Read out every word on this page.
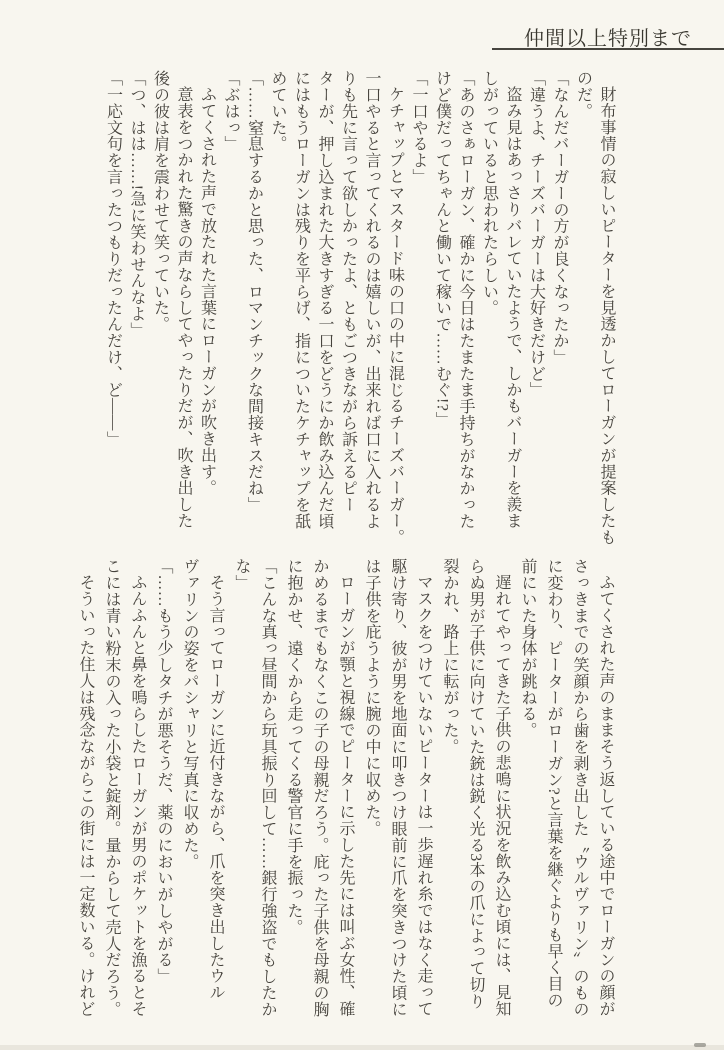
仲間以上特別まで
財布事情の寂しいピーターを見透かしてローガンが提案したも
のだ。
「なんだバーガーの方が良くなったか」
「違うよ、チーズバーガーは大好きだけど」
盗み見はあっさりバレていたようで、しかもバーガーを羨ま
しがっていると思われたらしい。
「あのさぁローガン、確かに今日はたまたま手持ちがなかった
けど僕だってちゃんと働いて稼いで……むぐ!?」
「一口やるよ」
ケチャップとマスタード味の口の中に混じるチーズバーガー。
一口やると言ってくれるのは嬉しいが、出来れば口に入れるよ
りも先に言って欲しかったよ、ともごつきながら訴えるピー
ターが、押し込まれた大きすぎる一口をどうにか飲み込んだ頃
にはもうローガンは残りを平らげ、指についたケチャップを舐
めていた。
「……窒息するかと思った、ロマンチックな間接キスだね」
「ぶはっ」
ふてくされた声で放たれた言葉にローガンが吹き出す。
意表をつかれた驚きの声ならしてやったりだが、吹き出した
後の彼は肩を震わせて笑っていた。
「つ、はは……!急に笑わせんなよ」
「一応文句を言ったつもりだったんだけ、ど――」
ふてくされた声のままそう返している途中でローガンの顔が
さっきまでの笑顔から歯を剥き出した〝ウルヴァリン〟のもの
に変わり、ピーターがローガン?と言葉を継ぐよりも早く目の
前にいた身体が跳ねる。
遅れてやってきた子供の悲鳴に状況を飲み込む頃には、見知
らぬ男が子供に向けていた銃は鋭く光る3本の爪によって切り
裂かれ、路上に転がった。
マスクをつけていないピーターは一歩遅れ糸ではなく走って
駆け寄り、彼が男を地面に叩きつけ眼前に爪を突きつけた頃に
は子供を庇うように腕の中に収めた。
ローガンが顎と視線でピーターに示した先には叫ぶ女性、確
かめるまでもなくこの子の母親だろう。庇った子供を母親の胸
に抱かせ、遠くから走ってくる警官に手を振った。
「こんな真っ昼間から玩具振り回して……銀行強盗でもしたか
な」
そう言ってローガンに近付きながら、爪を突き出したウル
ヴァリンの姿をパシャリと写真に収めた。
「……もう少しタチが悪そうだ、薬のにおいがしやがる」
ふんふんと鼻を鳴らしたローガンが男のポケットを漁るとそ
こには青い粉末の入った小袋と錠剤。量からして売人だろう。
そういった住人は残念ながらこの街には一定数いる。けれど
